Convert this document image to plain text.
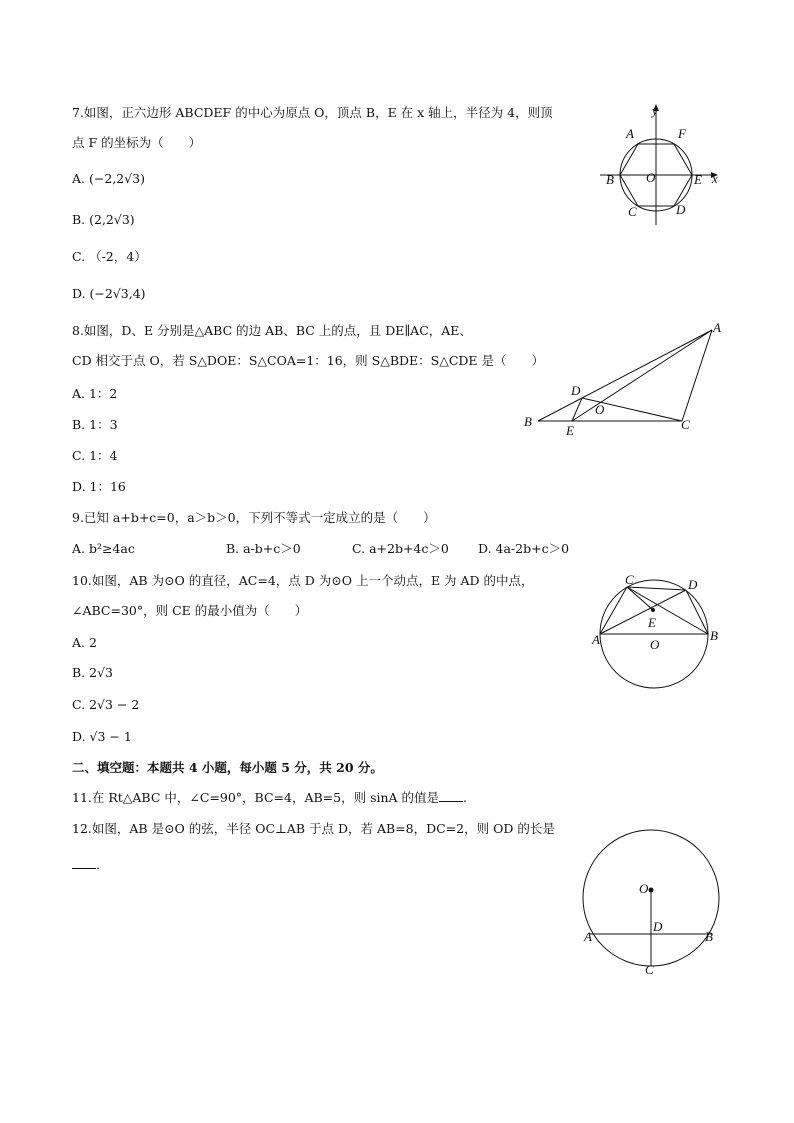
7.如图，正六边形 ABCDEF 的中心为原点 O，顶点 B，E 在 x 轴上，半径为 4，则顶
点 F 的坐标为（　　）
A. (−2,2√3)
B. (2,2√3)
C. （-2，4）
D. (−2√3,4)
y
x
A	F
B O	E
C	D
8.如图，D、E 分别是△ABC 的边 AB、BC 上的点，且 DE∥AC，AE、
CD 相交于点 O，若 S△DOE：S△COA=1：16，则 S△BDE：S△CDE 是（　　）
A. 1：2
B. 1：3
C. 1：4
D. 1：16
A
D
O
B
E	C
9.已知 a+b+c=0，a＞b＞0，下列不等式一定成立的是（　　）
A. b²≥4ac	B. a-b+c＞0	C. a+2b+4c＞0 D. 4a-2b+c＞0
10.如图，AB 为⊙O 的直径，AC=4，点 D 为⊙O 上一个动点，E 为 AD 的中点，
∠ABC=30°，则 CE 的最小值为（　　）
A. 2
B. 2√3
C. 2√3 − 2
D. √3 − 1
C	D
E
A	O
B
二、填空题：本题共 4 小题，每小题 5 分，共 20 分。
11.在 Rt△ABC 中，∠C=90°，BC=4，AB=5，则 sinA 的值是 .
12.如图，AB 是⊙O 的弦，半径 OC⊥AB 于点 D，若 AB=8，DC=2，则 OD 的长是
.
O
D
A	B
C
